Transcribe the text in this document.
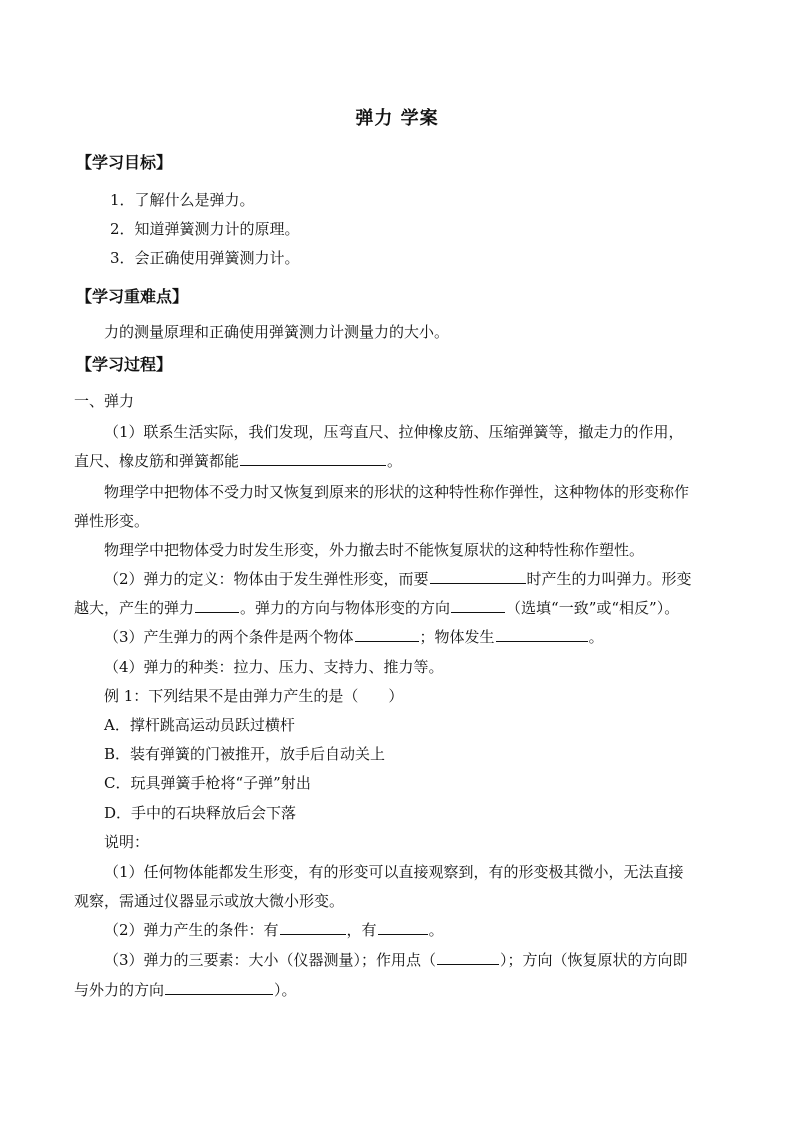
弹力 学案
【学习目标】
1．了解什么是弹力。
2．知道弹簧测力计的原理。
3．会正确使用弹簧测力计。
【学习重难点】
力的测量原理和正确使用弹簧测力计测量力的大小。
【学习过程】
一、弹力
（1）联系生活实际，我们发现，压弯直尺、拉伸橡皮筋、压缩弹簧等，撤走力的作用，
直尺、橡皮筋和弹簧都能	。
物理学中把物体不受力时又恢复到原来的形状的这种特性称作弹性，这种物体的形变称作
弹性形变。
物理学中把物体受力时发生形变，外力撤去时不能恢复原状的这种特性称作塑性。
（2）弹力的定义：物体由于发生弹性形变，而要	时产生的力叫弹力。形变
越大，产生的弹力	。弹力的方向与物体形变的方向	（选填“一致”或“相反”）。
（3）产生弹力的两个条件是两个物体	；物体发生	。
（4）弹力的种类：拉力、压力、支持力、推力等。
例 1：下列结果不是由弹力产生的是（　　）
A．撑杆跳高运动员跃过横杆
B．装有弹簧的门被推开，放手后自动关上
C．玩具弹簧手枪将“子弹”射出
D．手中的石块释放后会下落
说明：
（1）任何物体能都发生形变，有的形变可以直接观察到，有的形变极其微小，无法直接
观察，需通过仪器显示或放大微小形变。
（2）弹力产生的条件：有	，有	。
（3）弹力的三要素：大小（仪器测量）；作用点（	）；方向（恢复原状的方向即
与外力的方向	）。
